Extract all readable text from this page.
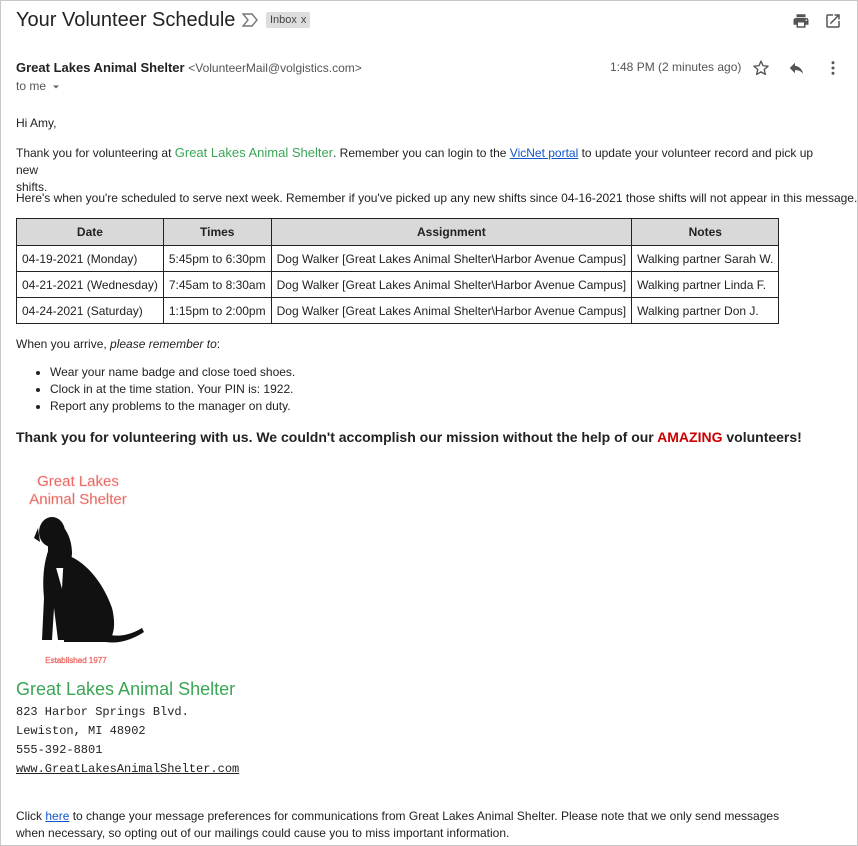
Your Volunteer Schedule	Inbox x
Great Lakes Animal Shelter <VolunteerMail@volgistics.com>
to me
1:48 PM (2 minutes ago)
Hi Amy,
Thank you for volunteering at Great Lakes Animal Shelter. Remember you can login to the VicNet portal to update your volunteer record and pick up new
shifts.
Here's when you're scheduled to serve next week. Remember if you've picked up any new shifts since 04-16-2021 those shifts will not appear in this message.
Date	Times	Assignment	Notes
04-19-2021 (Monday)	5:45pm to 6:30pm	Dog Walker [Great Lakes Animal Shelter\Harbor Avenue Campus]	Walking partner Sarah W.
04-21-2021 (Wednesday)	7:45am to 8:30am	Dog Walker [Great Lakes Animal Shelter\Harbor Avenue Campus]	Walking partner Linda F.
04-24-2021 (Saturday)	1:15pm to 2:00pm	Dog Walker [Great Lakes Animal Shelter\Harbor Avenue Campus]	Walking partner Don J.
When you arrive, please remember to:
• Wear your name badge and close toed shoes.
• Clock in at the time station. Your PIN is: 1922.
• Report any problems to the manager on duty.
Thank you for volunteering with us. We couldn't accomplish our mission without the help of our AMAZING volunteers!
Great Lakes
Animal Shelter
Established 1977
Great Lakes Animal Shelter
823 Harbor Springs Blvd.
Lewiston, MI 48902
555-392-8801
www.GreatLakesAnimalShelter.com
Click here to change your message preferences for communications from Great Lakes Animal Shelter. Please note that we only send messages when necessary, so opting out of our mailings could cause you to miss important information.
